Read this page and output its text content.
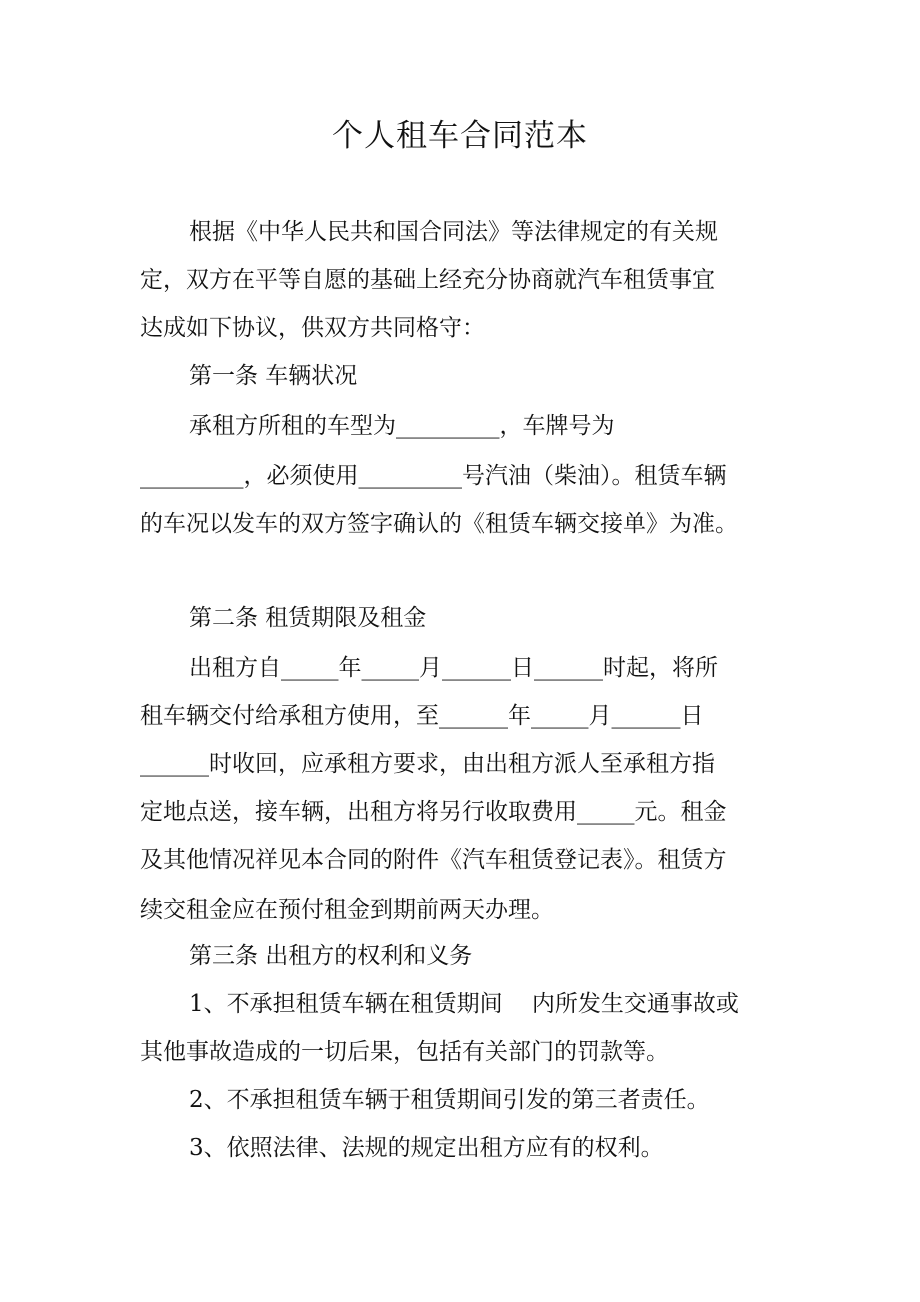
个人租车合同范本

根据《中华人民共和国合同法》等法律规定的有关规

定，双方在平等自愿的基础上经充分协商就汽车租赁事宜

达成如下协议，供双方共同格守：

第一条 车辆状况

承租方所租的车型为_________，车牌号为

_________，必须使用_________号汽油（柴油）。租赁车辆

的车况以发车的双方签字确认的《租赁车辆交接单》为准。

第二条 租赁期限及租金

出租方自_____年_____月______日______时起，将所

租车辆交付给承租方使用，至______年_____月______日

______时收回，应承租方要求，由出租方派人至承租方指

定地点送，接车辆，出租方将另行收取费用_____元。租金

及其他情况祥见本合同的附件《汽车租赁登记表》。租赁方

续交租金应在预付租金到期前两天办理。

第三条 出租方的权利和义务

1、不承担租赁车辆在租赁期间    内所发生交通事故或

其他事故造成的一切后果，包括有关部门的罚款等。

2、不承担租赁车辆于租赁期间引发的第三者责任。

3、依照法律、法规的规定出租方应有的权利。
